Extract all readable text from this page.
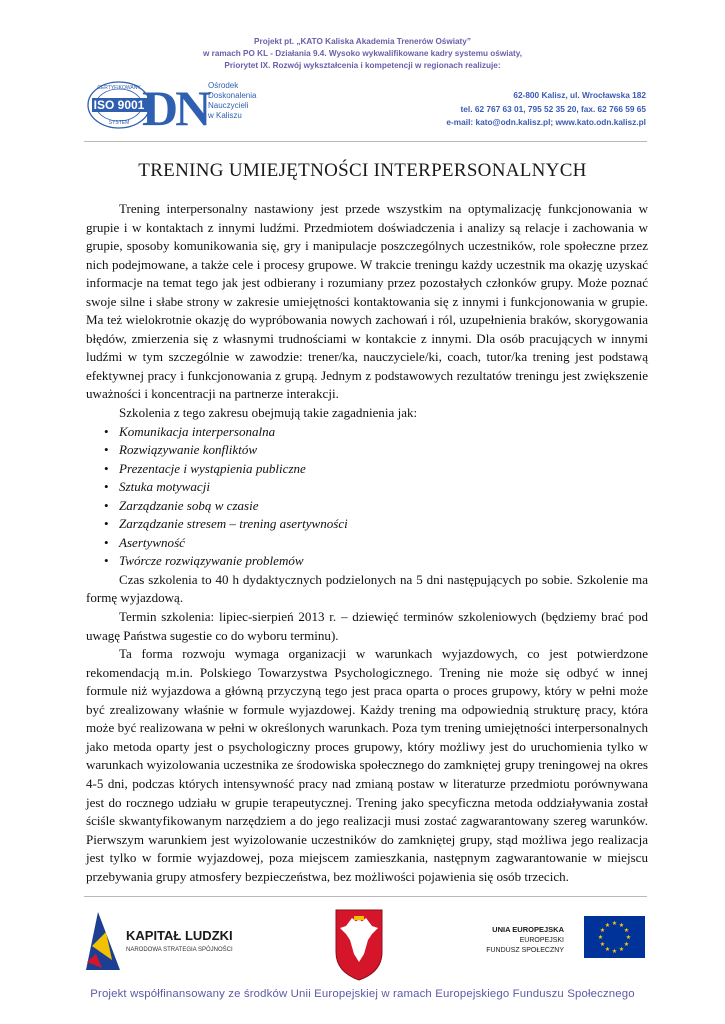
Projekt pt. „KATO Kaliska Akademia Trenerów Oświaty”
w ramach PO KL - Działania 9.4. Wysoko wykwalifikowane kadry systemu oświaty,
Priorytet IX. Rozwój wykształcenia i kompetencji w regionach realizuje:
CERTYFIKOWANY
ISO 9001
SYSTEM DN Ośrodek
Doskonalenia
Nauczycieli
w Kaliszu
62-800 Kalisz, ul. Wrocławska 182
tel. 62 767 63 01, 795 52 35 20, fax. 62 766 59 65
e-mail: kato@odn.kalisz.pl; www.kato.odn.kalisz.pl
TRENING UMIEJĘTNOŚCI INTERPERSONALNYCH

Trening interpersonalny nastawiony jest przede wszystkim na optymalizację funkcjonowania w grupie i w kontaktach z innymi ludźmi. Przedmiotem doświadczenia i analizy są relacje i zachowania w grupie, sposoby komunikowania się, gry i manipulacje poszczególnych uczestników, role społeczne przez nich podejmowane, a także cele i procesy grupowe. W trakcie treningu każdy uczestnik ma okazję uzyskać informacje na temat tego jak jest odbierany i rozumiany przez pozostałych członków grupy. Może poznać swoje silne i słabe strony w zakresie umiejętności kontaktowania się z innymi i funkcjonowania w grupie. Ma też wielokrotnie okazję do wypróbowania nowych zachowań i ról, uzupełnienia braków, skorygowania błędów, zmierzenia się z własnymi trudnościami w kontakcie z innymi. Dla osób pracujących w innymi ludźmi w tym szczególnie w zawodzie: trener/ka, nauczyciele/ki, coach, tutor/ka trening jest podstawą efektywnej pracy i funkcjonowania z grupą. Jednym z podstawowych rezultatów treningu jest zwiększenie uważności i koncentracji na partnerze interakcji.

Szkolenia z tego zakresu obejmują takie zagadnienia jak:

• Komunikacja interpersonalna
• Rozwiązywanie konfliktów
• Prezentacje i wystąpienia publiczne
• Sztuka motywacji
• Zarządzanie sobą w czasie
• Zarządzanie stresem – trening asertywności
• Asertywność
• Twórcze rozwiązywanie problemów

Czas szkolenia to 40 h dydaktycznych podzielonych na 5 dni następujących po sobie. Szkolenie ma formę wyjazdową.

Termin szkolenia: lipiec-sierpień 2013 r. – dziewięć terminów szkoleniowych (będziemy brać pod uwagę Państwa sugestie co do wyboru terminu).

Ta forma rozwoju wymaga organizacji w warunkach wyjazdowych, co jest potwierdzone rekomendacją m.in. Polskiego Towarzystwa Psychologicznego. Trening nie może się odbyć w innej formule niż wyjazdowa a główną przyczyną tego jest praca oparta o proces grupowy, który w pełni może być zrealizowany właśnie w formule wyjazdowej. Każdy trening ma odpowiednią strukturę pracy, która może być realizowana w pełni w określonych warunkach. Poza tym trening umiejętności interpersonalnych jako metoda oparty jest o psychologiczny proces grupowy, który możliwy jest do uruchomienia tylko w warunkach wyizolowania uczestnika ze środowiska społecznego do zamkniętej grupy treningowej na okres 4-5 dni, podczas których intensywność pracy nad zmianą postaw w literaturze przedmiotu porównywana jest do rocznego udziału w grupie terapeutycznej. Trening jako specyficzna metoda oddziaływania został ściśle skwantyfikowanym narzędziem a do jego realizacji musi zostać zagwarantowany szereg warunków. Pierwszym warunkiem jest wyizolowanie uczestników do zamkniętej grupy, stąd możliwa jego realizacja jest tylko w formie wyjazdowej, poza miejscem zamieszkania, następnym zagwarantowanie w miejscu przebywania grupy atmosfery bezpieczeństwa, bez możliwości pojawienia się osób trzecich.

KAPITAŁ LUDZKI
NARODOWA STRATEGIA SPÓJNOŚCI
UNIA EUROPEJSKA
EUROPEJSKI
FUNDUSZ SPOŁECZNY
★ ★
★
★
★
★
★
★
★
★
★
★
Projekt współfinansowany ze środków Unii Europejskiej w ramach Europejskiego Funduszu Społecznego
